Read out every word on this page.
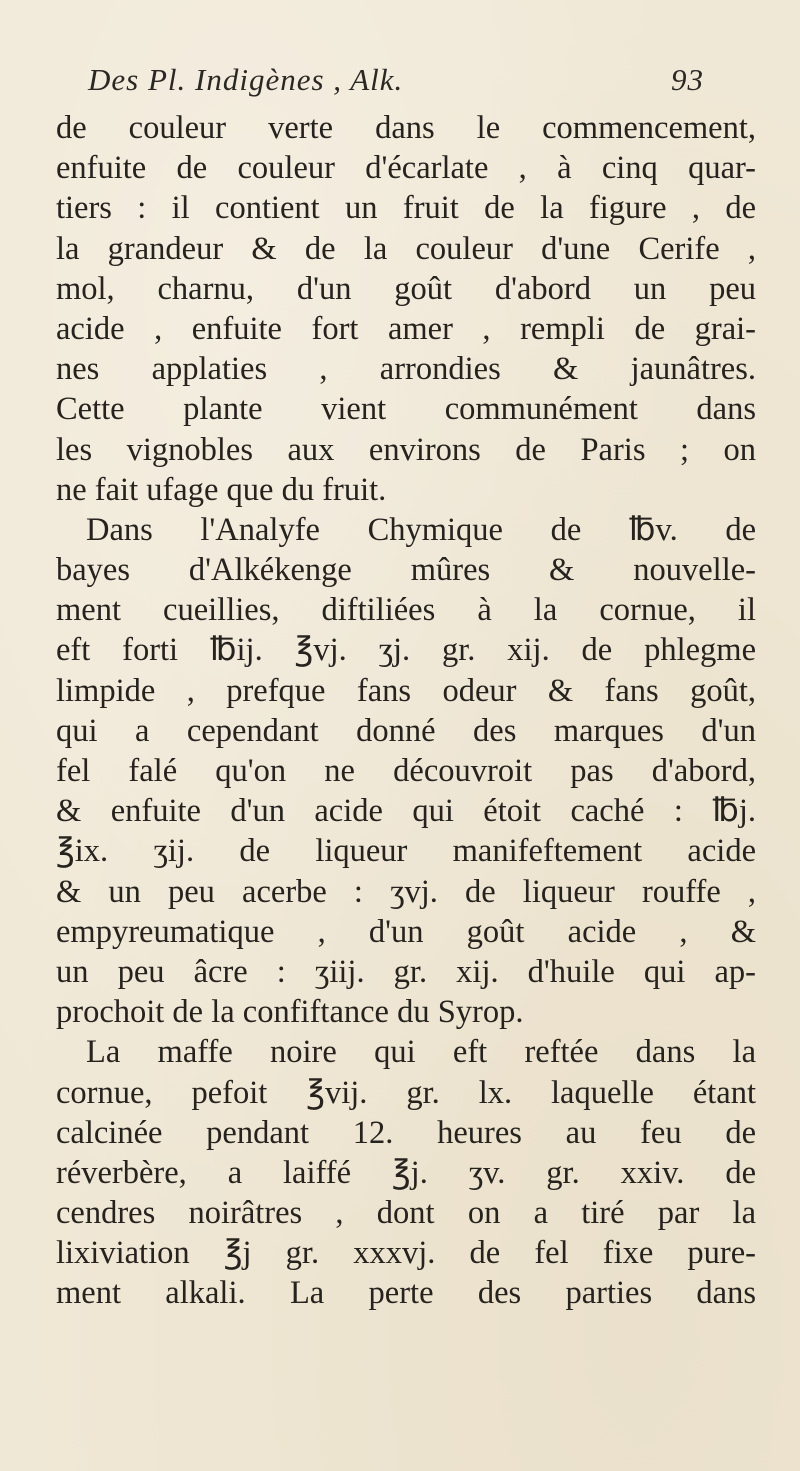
Des Pl. Indigènes , Alk.	93
de couleur verte dans le commencement,
enfuite de couleur d'écarlate , à cinq quar-
tiers : il contient un fruit de la figure , de
la grandeur & de la couleur d'une Cerife ,
mol, charnu, d'un goût d'abord un peu
acide , enfuite fort amer , rempli de grai-
nes applaties , arrondies & jaunâtres.
Cette plante vient communément dans
les vignobles aux environs de Paris ; on
ne fait ufage que du fruit.
Dans l'Analyfe Chymique de ℔v. de
bayes d'Alkékenge mûres & nouvelle-
ment cueillies, diftiliées à la cornue, il
eft forti ℔ij. ℥vj. ʒj. gr. xij. de phlegme
limpide , prefque fans odeur & fans goût,
qui a cependant donné des marques d'un
fel falé qu'on ne découvroit pas d'abord,
& enfuite d'un acide qui étoit caché : ℔j.
℥ix. ʒij. de liqueur manifeftement acide
& un peu acerbe : ʒvj. de liqueur rouffe ,
empyreumatique , d'un goût acide , &
un peu âcre : ʒiij. gr. xij. d'huile qui ap-
prochoit de la confiftance du Syrop.
La maffe noire qui eft reftée dans la
cornue, pefoit ℥vij. gr. lx. laquelle étant
calcinée pendant 12. heures au feu de
réverbère, a laiffé ℥j. ʒv. gr. xxiv. de
cendres noirâtres , dont on a tiré par la
lixiviation ℥j gr. xxxvj. de fel fixe pure-
ment alkali. La perte des parties dans
